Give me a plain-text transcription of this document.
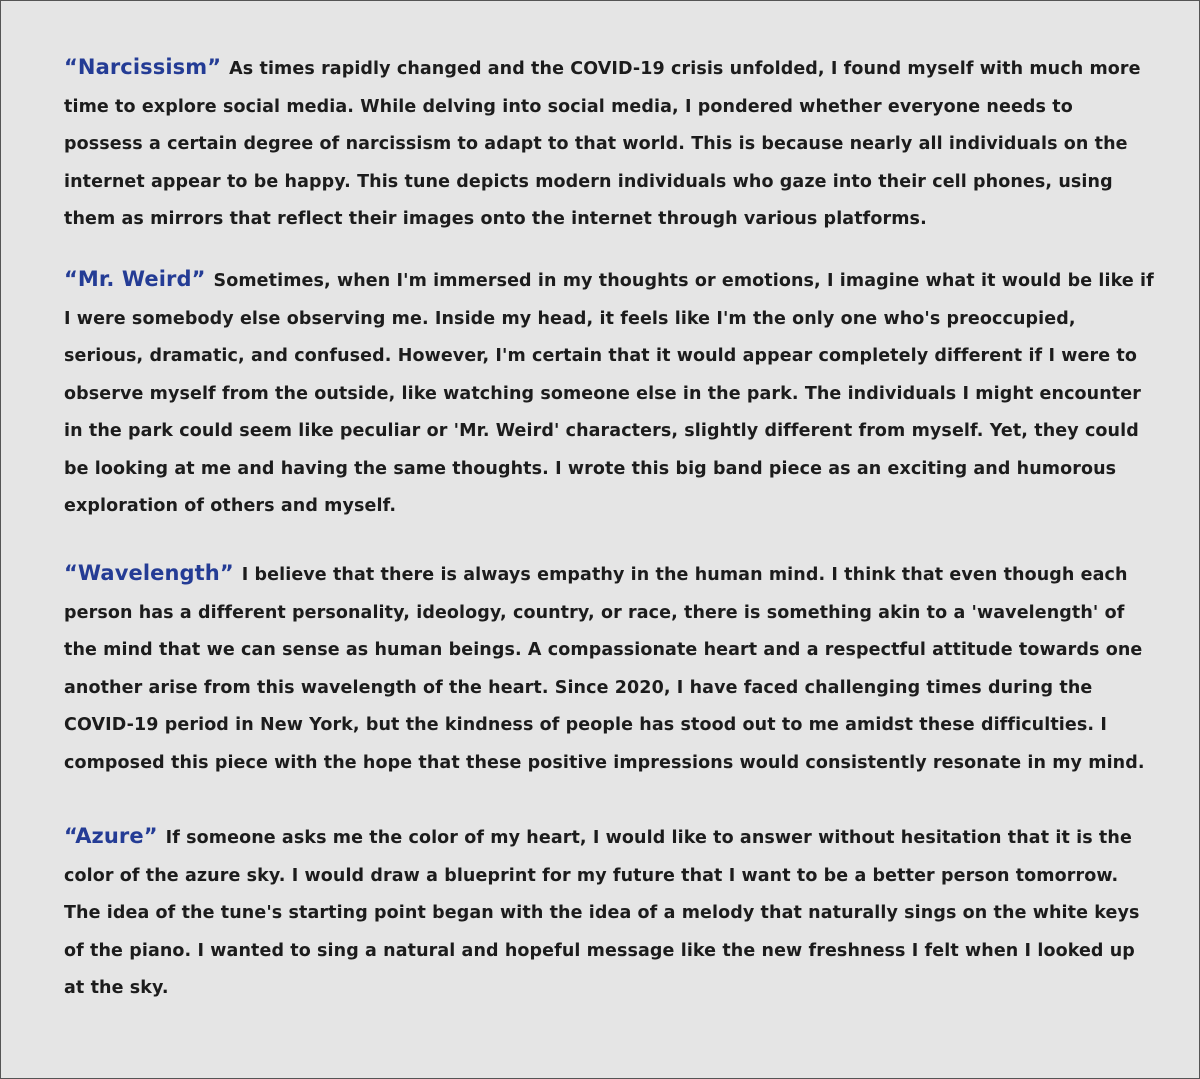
“Narcissism” As times rapidly changed and the COVID-19 crisis unfolded, I found myself with much more time to explore social media. While delving into social media, I pondered whether everyone needs to possess a certain degree of narcissism to adapt to that world. This is because nearly all individuals on the internet appear to be happy. This tune depicts modern individuals who gaze into their cell phones, using them as mirrors that reflect their images onto the internet through various platforms.

“Mr. Weird” Sometimes, when I'm immersed in my thoughts or emotions, I imagine what it would be like if I were somebody else observing me. Inside my head, it feels like I'm the only one who's preoccupied, serious, dramatic, and confused. However, I'm certain that it would appear completely different if I were to observe myself from the outside, like watching someone else in the park. The individuals I might encounter in the park could seem like peculiar or 'Mr. Weird' characters, slightly different from myself. Yet, they could be looking at me and having the same thoughts. I wrote this big band piece as an exciting and humorous exploration of others and myself.

“Wavelength” I believe that there is always empathy in the human mind. I think that even though each person has a different personality, ideology, country, or race, there is something akin to a 'wavelength' of the mind that we can sense as human beings. A compassionate heart and a respectful attitude towards one another arise from this wavelength of the heart. Since 2020, I have faced challenging times during the COVID-19 period in New York, but the kindness of people has stood out to me amidst these difficulties. I composed this piece with the hope that these positive impressions would consistently resonate in my mind.

“Azure” If someone asks me the color of my heart, I would like to answer without hesitation that it is the color of the azure sky. I would draw a blueprint for my future that I want to be a better person tomorrow. The idea of the tune's starting point began with the idea of a melody that naturally sings on the white keys of the piano. I wanted to sing a natural and hopeful message like the new freshness I felt when I looked up at the sky.
